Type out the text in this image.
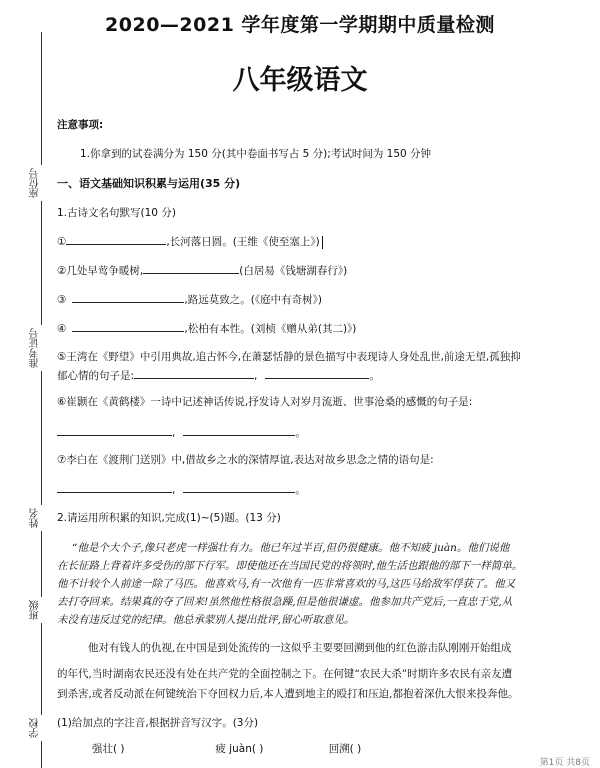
2020—2021 学年度第一学期期中质量检测
八年级语文
座位号
准考证号
姓名
班级
学校
注意事项:
1.你拿到的试卷满分为 150 分(其中卷面书写占 5 分);考试时间为 150 分钟
一、语文基础知识积累与运用(35 分)
1.古诗文名句默写(10 分)
①	,长河落日圆。(王维《使至塞上》)
②几处早莺争暖树,	(白居易《钱塘湖春行》)
③	,路远莫致之。(《庭中有奇树》)
④	,松柏有本性。(刘桢《赠从弟(其二)》)
⑤王湾在《野望》中引用典故,追古怀今,在萧瑟恬静的景色描写中表现诗人身处乱世,前途无望,孤独抑
郁心情的句子是:	,	。
⑥崔颢在《黄鹤楼》一诗中记述神话传说,抒发诗人对岁月流逝、世事沧桑的感慨的句子是:
,	。
⑦李白在《渡荆门送别》中,借故乡之水的深情厚谊,表达对故乡思念之情的语句是:
,	。
2.请运用所积累的知识,完成(1)~(5)题。(13 分)
“他是个大个子,像只老虎一样强壮有力。他已年过半百,但仍很健康。他不知疲 juàn。他们说他
在长征路上背着许多受伤的部下行军。即使他还在当国民党的将领时,他生活也跟他的部下一样简单。
他不计较个人前途一除了马匹。他喜欢马,有一次他有一匹非常喜欢的马,这匹马给敌军俘获了。他又
去打夺回来。结果真的夺了回来!虽然他性格很急躁,但是他很谦虚。他参加共产党后,一直忠于党,从
未没有违反过党的纪律。他总承蒙别人提出批评,留心听取意见。
他对有钱人的仇视,在中国是到处流传的一这似乎主要要回溯到他的红色游击队刚刚开始组成
的年代,当时湖南农民还没有处在共产党的全面控制之下。在何键“农民大杀”时期许多农民有亲友遭
到杀害,或者反动派在何键统治下夺回权力后,本人遭到地主的殴打和压迫,都抱着深仇大恨来投奔他。
(1)给加点的字注音,根据拼音写汉字。(3分)
强壮( )	疲 juàn( )	回溯( )
第1页 共8页
